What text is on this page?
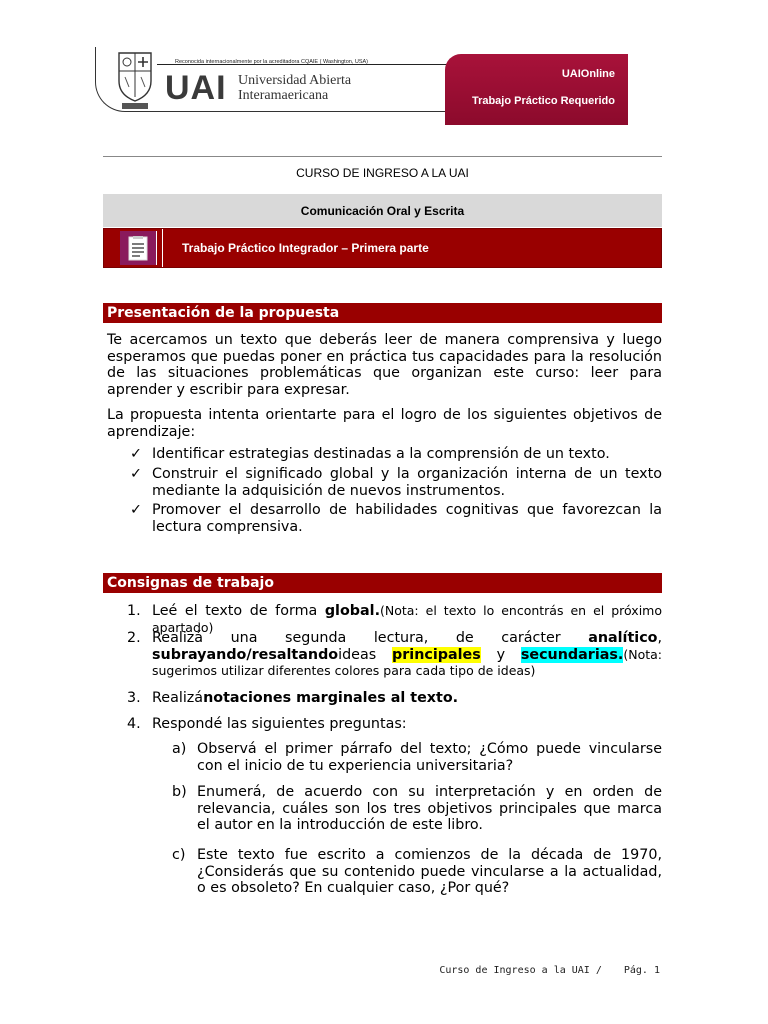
Reconocida internacionalmente por la acreditadora CQAIE ( Washington, USA)
UAI Universidad Abierta
Interamaericana
UAIOnline
Trabajo Práctico Requerido
CURSO DE INGRESO A LA UAI
Comunicación Oral y Escrita
Trabajo Práctico Integrador – Primera parte
Presentación de la propuesta
Te acercamos un texto que deberás leer de manera comprensiva y luego esperamos que puedas poner en práctica tus capacidades para la resolución de las situaciones problemáticas que organizan este curso: leer para aprender y escribir para expresar.
La propuesta intenta orientarte para el logro de los siguientes objetivos de aprendizaje:
✓ Identificar estrategias destinadas a la comprensión de un texto.
✓ Construir el significado global y la organización interna de un texto mediante la adquisición de nuevos instrumentos.
✓ Promover el desarrollo de habilidades cognitivas que favorezcan la lectura comprensiva.
Consignas de trabajo
1. Leé el texto de forma global.(Nota: el texto lo encontrás en el próximo apartado)
2. Realizá una segunda lectura, de carácter analítico,
subrayando/resaltandoideas principales y secundarias.(Nota: sugerimos utilizar diferentes colores para cada tipo de ideas)
3. Realizánotaciones marginales al texto.
4. Respondé las siguientes preguntas:
a) Observá el primer párrafo del texto; ¿Cómo puede vincularse con el inicio de tu experiencia universitaria?
b) Enumerá, de acuerdo con su interpretación y en orden de relevancia, cuáles son los tres objetivos principales que marca el autor en la introducción de este libro.
c) Este texto fue escrito a comienzos de la década de 1970, ¿Considerás que su contenido puede vincularse a la actualidad, o es obsoleto? En cualquier caso, ¿Por qué?
Curso de Ingreso a la UAI / Pág. 1
